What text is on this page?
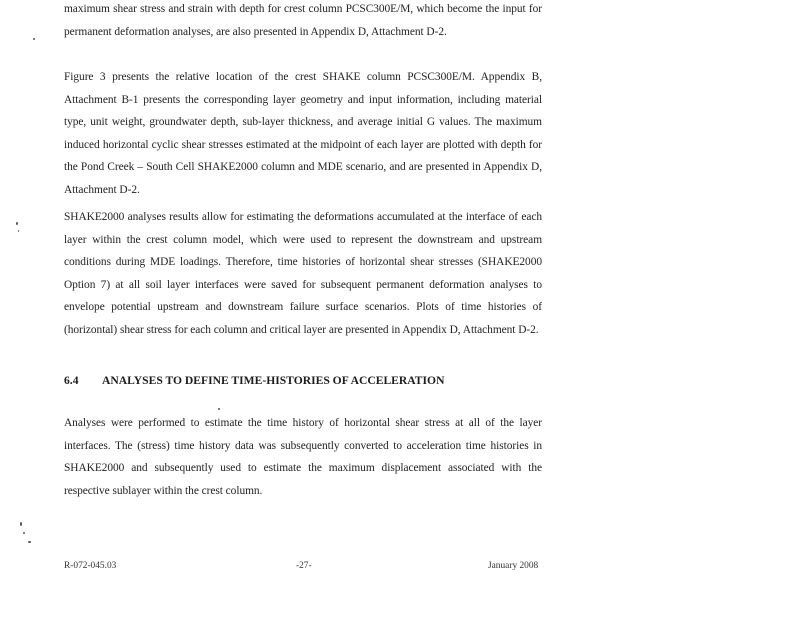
maximum shear stress and strain with depth for crest column PCSC300E/M, which become the input for permanent deformation analyses, are also presented in Appendix D, Attachment D-2.

Figure 3 presents the relative location of the crest SHAKE column PCSC300E/M. Appendix B, Attachment B-1 presents the corresponding layer geometry and input information, including material type, unit weight, groundwater depth, sub-layer thickness, and average initial G values. The maximum induced horizontal cyclic shear stresses estimated at the midpoint of each layer are plotted with depth for the Pond Creek – South Cell SHAKE2000 column and MDE scenario, and are presented in Appendix D, Attachment D-2.

SHAKE2000 analyses results allow for estimating the deformations accumulated at the interface of each layer within the crest column model, which were used to represent the downstream and upstream conditions during MDE loadings. Therefore, time histories of horizontal shear stresses (SHAKE2000 Option 7) at all soil layer interfaces were saved for subsequent permanent deformation analyses to envelope potential upstream and downstream failure surface scenarios. Plots of time histories of (horizontal) shear stress for each column and critical layer are presented in Appendix D, Attachment D-2.

6.4 ANALYSES TO DEFINE TIME-HISTORIES OF ACCELERATION

Analyses were performed to estimate the time history of horizontal shear stress at all of the layer interfaces. The (stress) time history data was subsequently converted to acceleration time histories in SHAKE2000 and subsequently used to estimate the maximum displacement associated with the respective sublayer within the crest column.

R-072-045.03	-27-	January 2008
